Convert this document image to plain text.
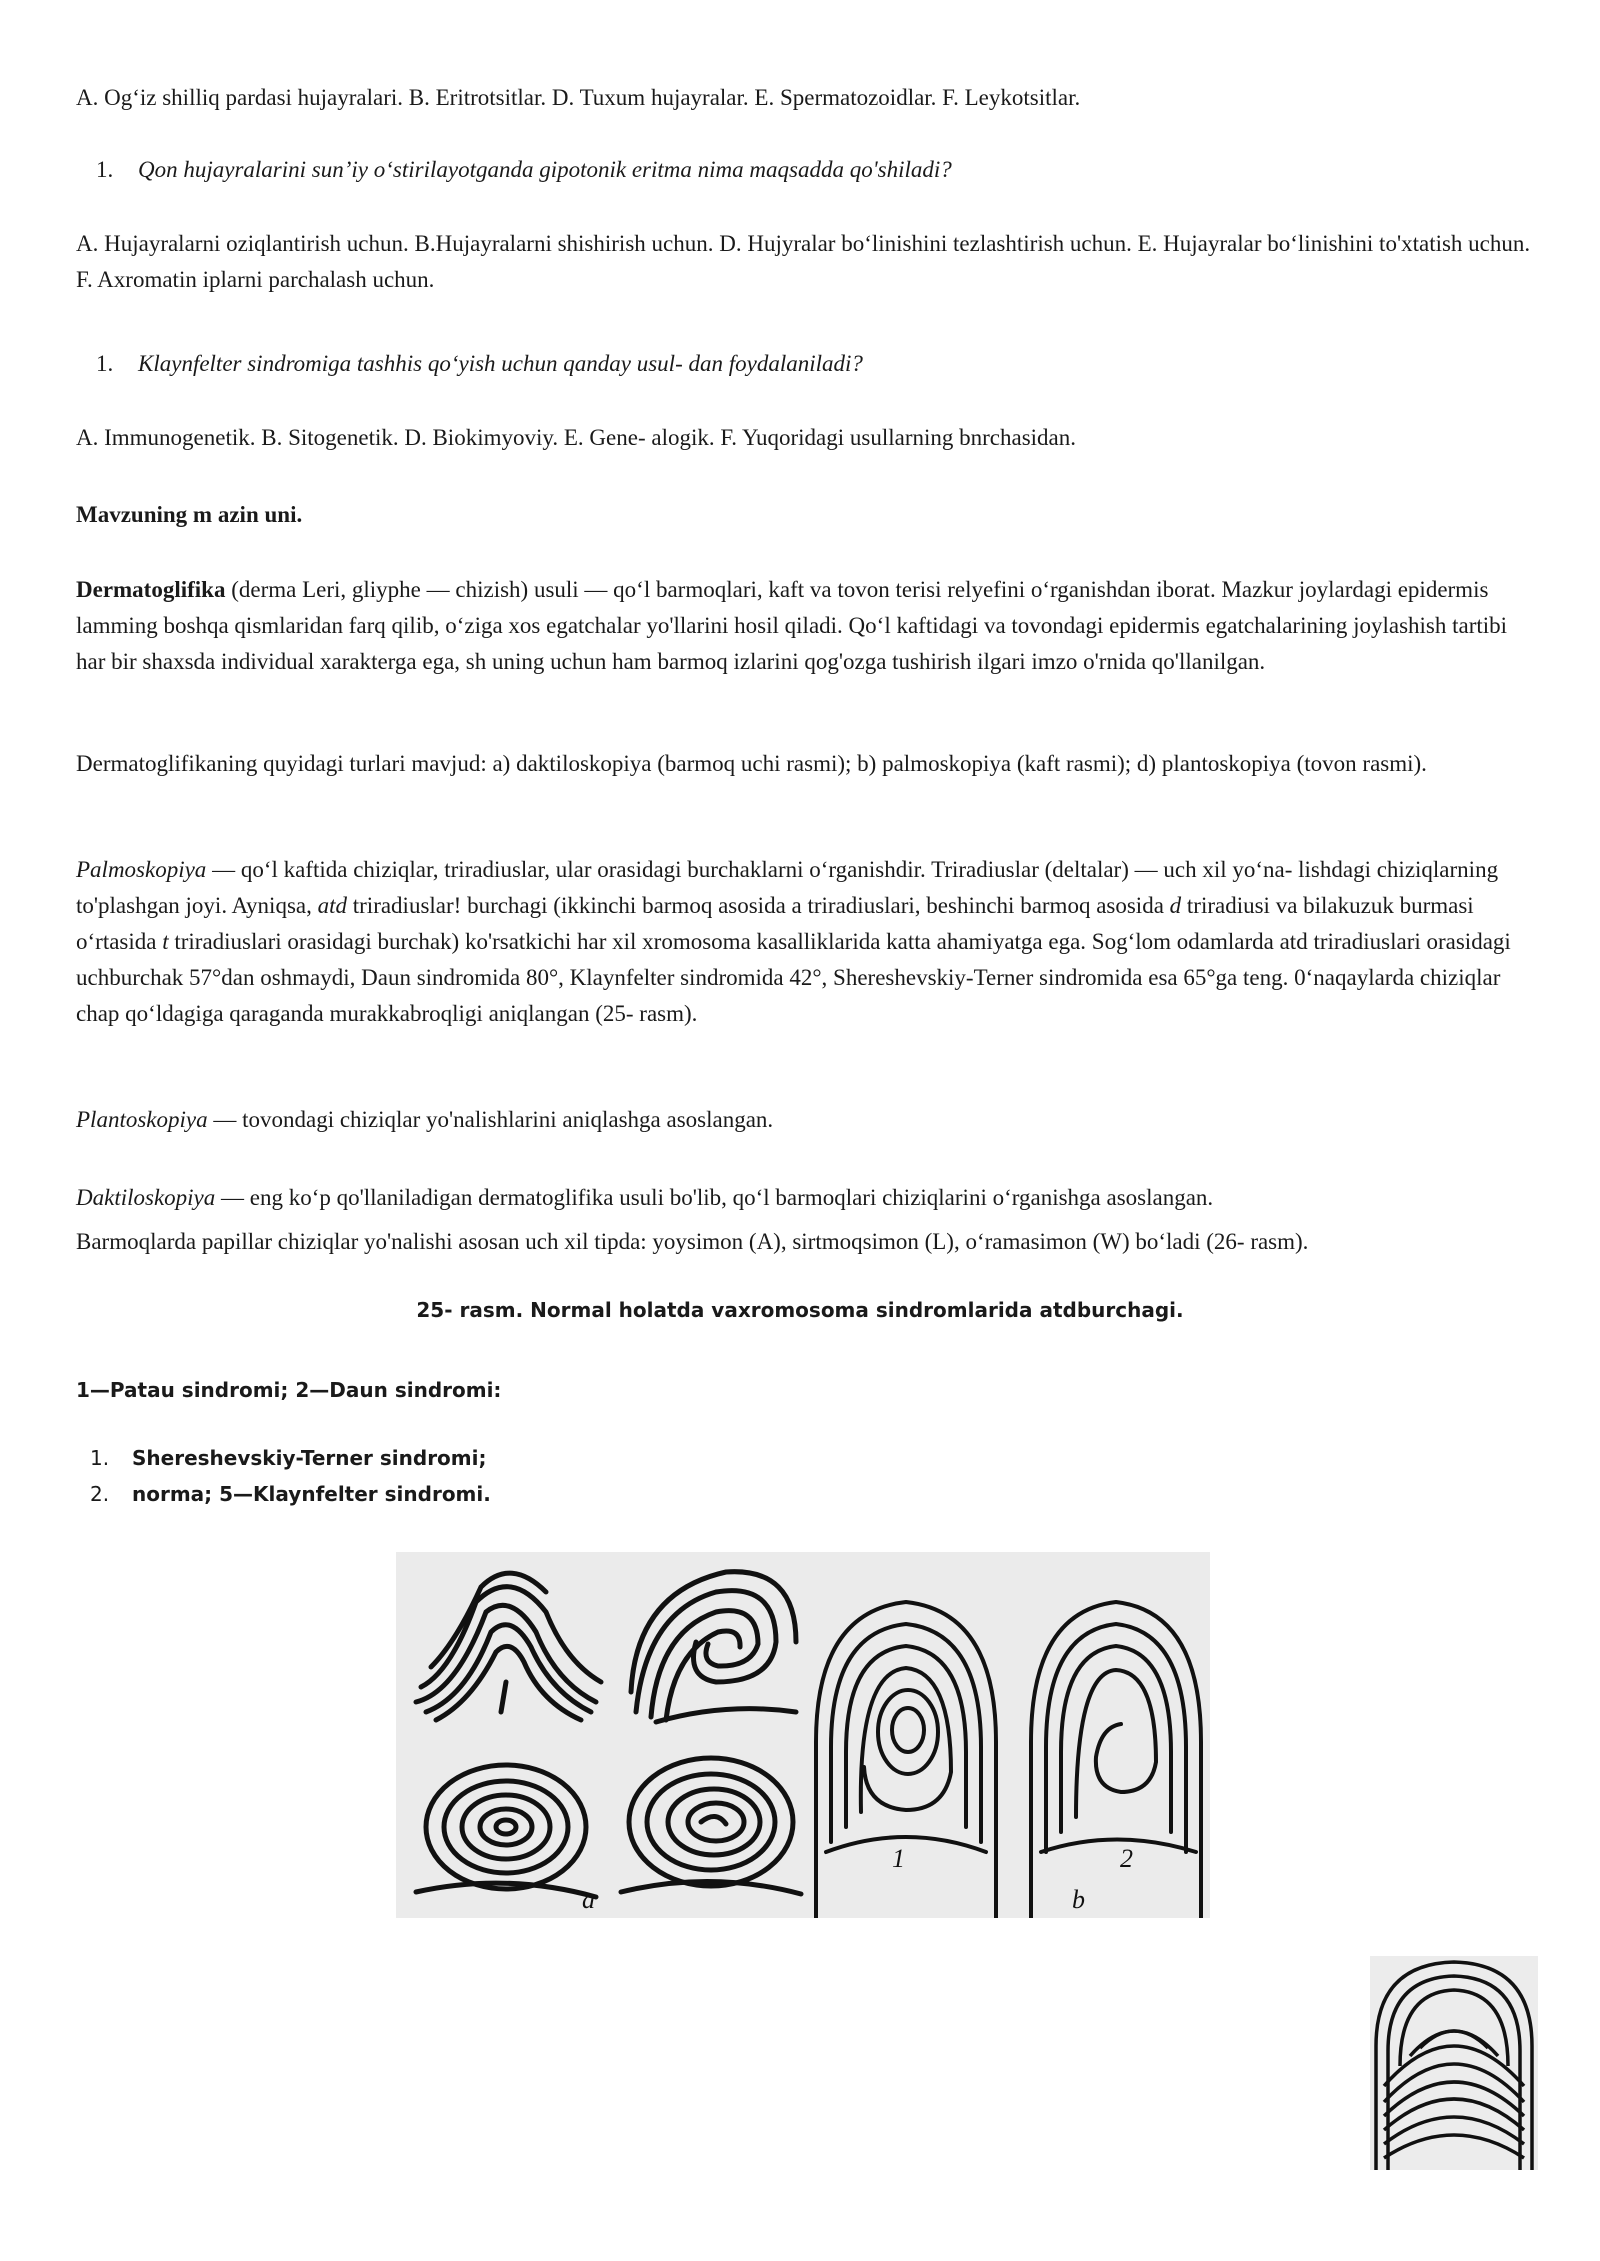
A. Og‘iz shilliq pardasi hujayralari. B. Eritrotsitlar. D. Tuxum hujayralar. E. Spermatozoidlar. F. Leykotsitlar.

1. Qon hujayralarini sun’iy o‘stirilayotganda gipotonik eritma nima maqsadda qo'shiladi?

A. Hujayralarni oziqlantirish uchun. B.Hujayralarni shishirish uchun. D. Hujyralar bo‘linishini tezlashtirish uchun. E. Hujayralar bo‘linishini to'xtatish uchun. F. Axromatin iplarni parchalash uchun.

1. Klaynfelter sindromiga tashhis qo‘yish uchun qanday usul- dan foydalaniladi?

A. Immunogenetik. B. Sitogenetik. D. Biokimyoviy. E. Gene- alogik. F. Yuqoridagi usullarning bnrchasidan.

Mavzuning m azin uni.

Dermatoglifika (derma Leri, gliyphe — chizish) usuli — qo‘l barmoqlari, kaft va tovon terisi relyefini o‘rganishdan iborat. Mazkur joylardagi epidermis lamming boshqa qismlaridan farq qilib, o‘ziga xos egatchalar yo'llarini hosil qiladi. Qo‘l kaftidagi va tovondagi epidermis egatchalarining joylashish tartibi har bir shaxsda individual xarakterga ega, sh uning uchun ham barmoq izlarini qog'ozga tushirish ilgari imzo o'rnida qo'llanilgan.

Dermatoglifikaning quyidagi turlari mavjud: a) daktiloskopiya (barmoq uchi rasmi); b) palmoskopiya (kaft rasmi); d) plantoskopiya (tovon rasmi).

Palmoskopiya — qo‘l kaftida chiziqlar, triradiuslar, ular orasidagi burchaklarni o‘rganishdir. Triradiuslar (deltalar) — uch xil yo‘na- lishdagi chiziqlarning to'plashgan joyi. Ayniqsa, atd triradiuslar! burchagi (ikkinchi barmoq asosida a triradiuslari, beshinchi barmoq asosida d triradiusi va bilakuzuk burmasi o‘rtasida t triradiuslari orasidagi burchak) ko'rsatkichi har xil xromosoma kasalliklarida katta ahamiyatga ega. Sog‘lom odamlarda atd triradiuslari orasidagi uchburchak 57°dan oshmaydi, Daun sindromida 80°, Klaynfelter sindromida 42°, Shereshevskiy-Terner sindromida esa 65°ga teng. 0‘naqaylarda chiziqlar chap qo‘ldagiga qaraganda murakkabroqligi aniqlangan (25- rasm).

Plantoskopiya — tovondagi chiziqlar yo'nalishlarini aniqlashga asoslangan.

Daktiloskopiya — eng ko‘p qo'llaniladigan dermatoglifika usuli bo'lib, qo‘l barmoqlari chiziqlarini o‘rganishga asoslangan.

Barmoqlarda papillar chiziqlar yo'nalishi asosan uch xil tipda: yoysimon (A), sirtmoqsimon (L), o‘ramasimon (W) bo‘ladi (26- rasm).

25- rasm. Normal holatda vaxromosoma sindromlarida atdburchagi.

1—Patau sindromi; 2—Daun sindromi:

1. Shereshevskiy-Terner sindromi;
2. norma; 5—Klaynfelter sindromi.
a	b
1	2
